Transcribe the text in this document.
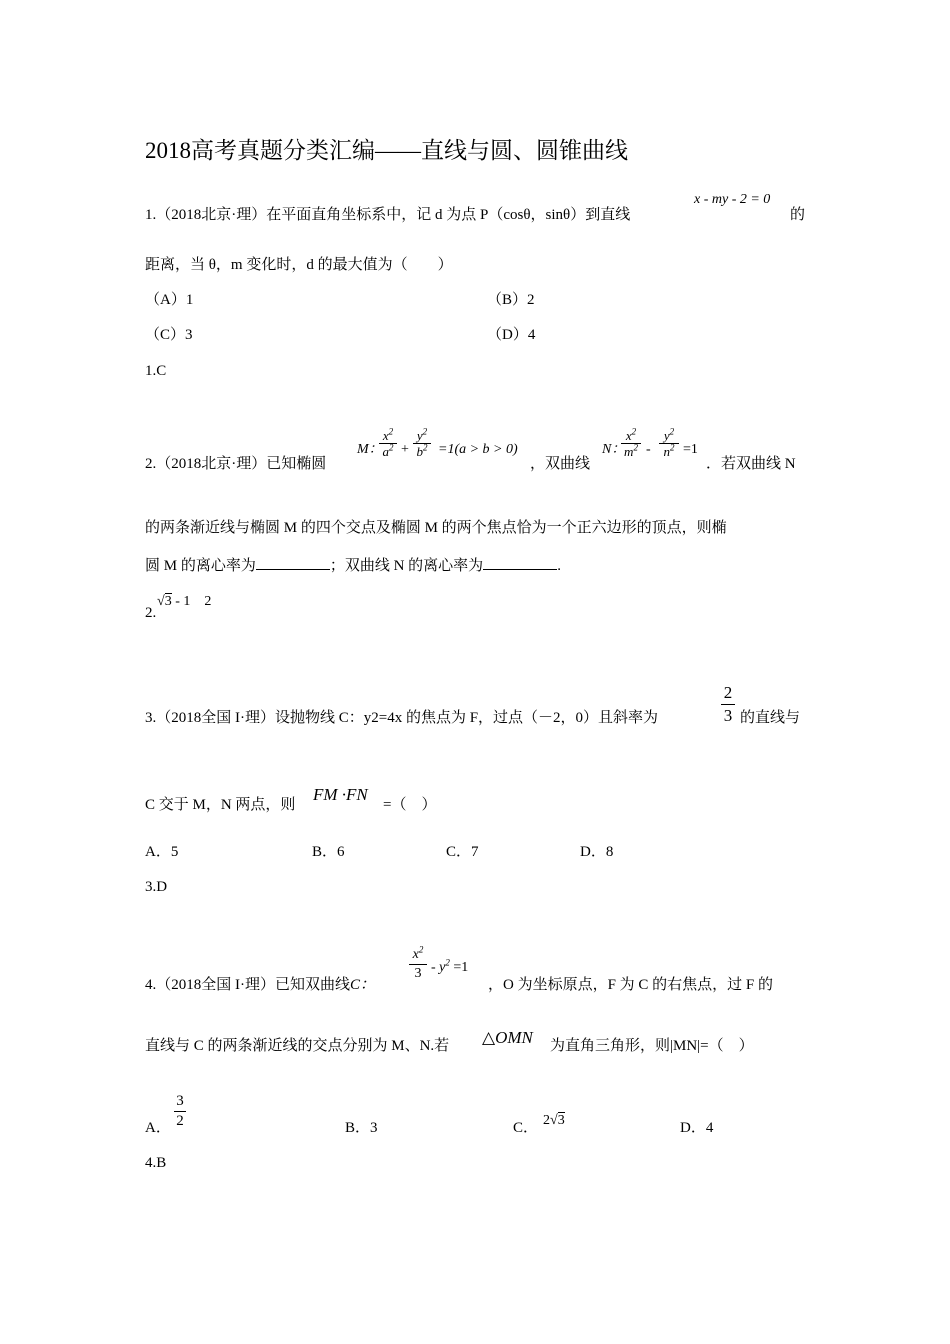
2018高考真题分类汇编——直线与圆、圆锥曲线
1.（2018北京·理）在平面直角坐标系中，记 d 为点 P（cosθ，sinθ）到直线
x - my - 2 = 0
的
距离，当 θ，m 变化时，d 的最大值为（　　）
（A）1	（B）2
（C）3	（D）4
1.C
2.（2018北京·理）已知椭圆
M：
$x^2$
$a^2$ +
$y^2$
$b^2 =1(a > b > 0)$
，双曲线
N：
$x^2$
$m^2$ -
$y^2$
$n^2 =1$
．若双曲线 N
的两条渐近线与椭圆 M 的四个交点及椭圆 M 的两个焦点恰为一个正六边形的顶点，则椭
圆 M 的离心率为	；双曲线 N 的离心率为	.
2.
√3 - 1　2
3.（2018全国 I·理）设抛物线 C：y2=4x 的焦点为 F，过点（－2，0）且斜率为
2
3 的直线与
C 交于 M，N 两点，则
FM ·FN
=（　）
A．5	B．6	C．7	D．8
3.D
4.（2018全国 I·理）已知双曲线C：
$x^2$
$3 - y^2 =1$
，O 为坐标原点，F 为 C 的右焦点，过 F 的
直线与 C 的两条渐近线的交点分别为 M、N.若 △OMN 为直角三角形，则|MN|=（　）
A．
3
2	B．3	C． 2√3	D．4
4.B
